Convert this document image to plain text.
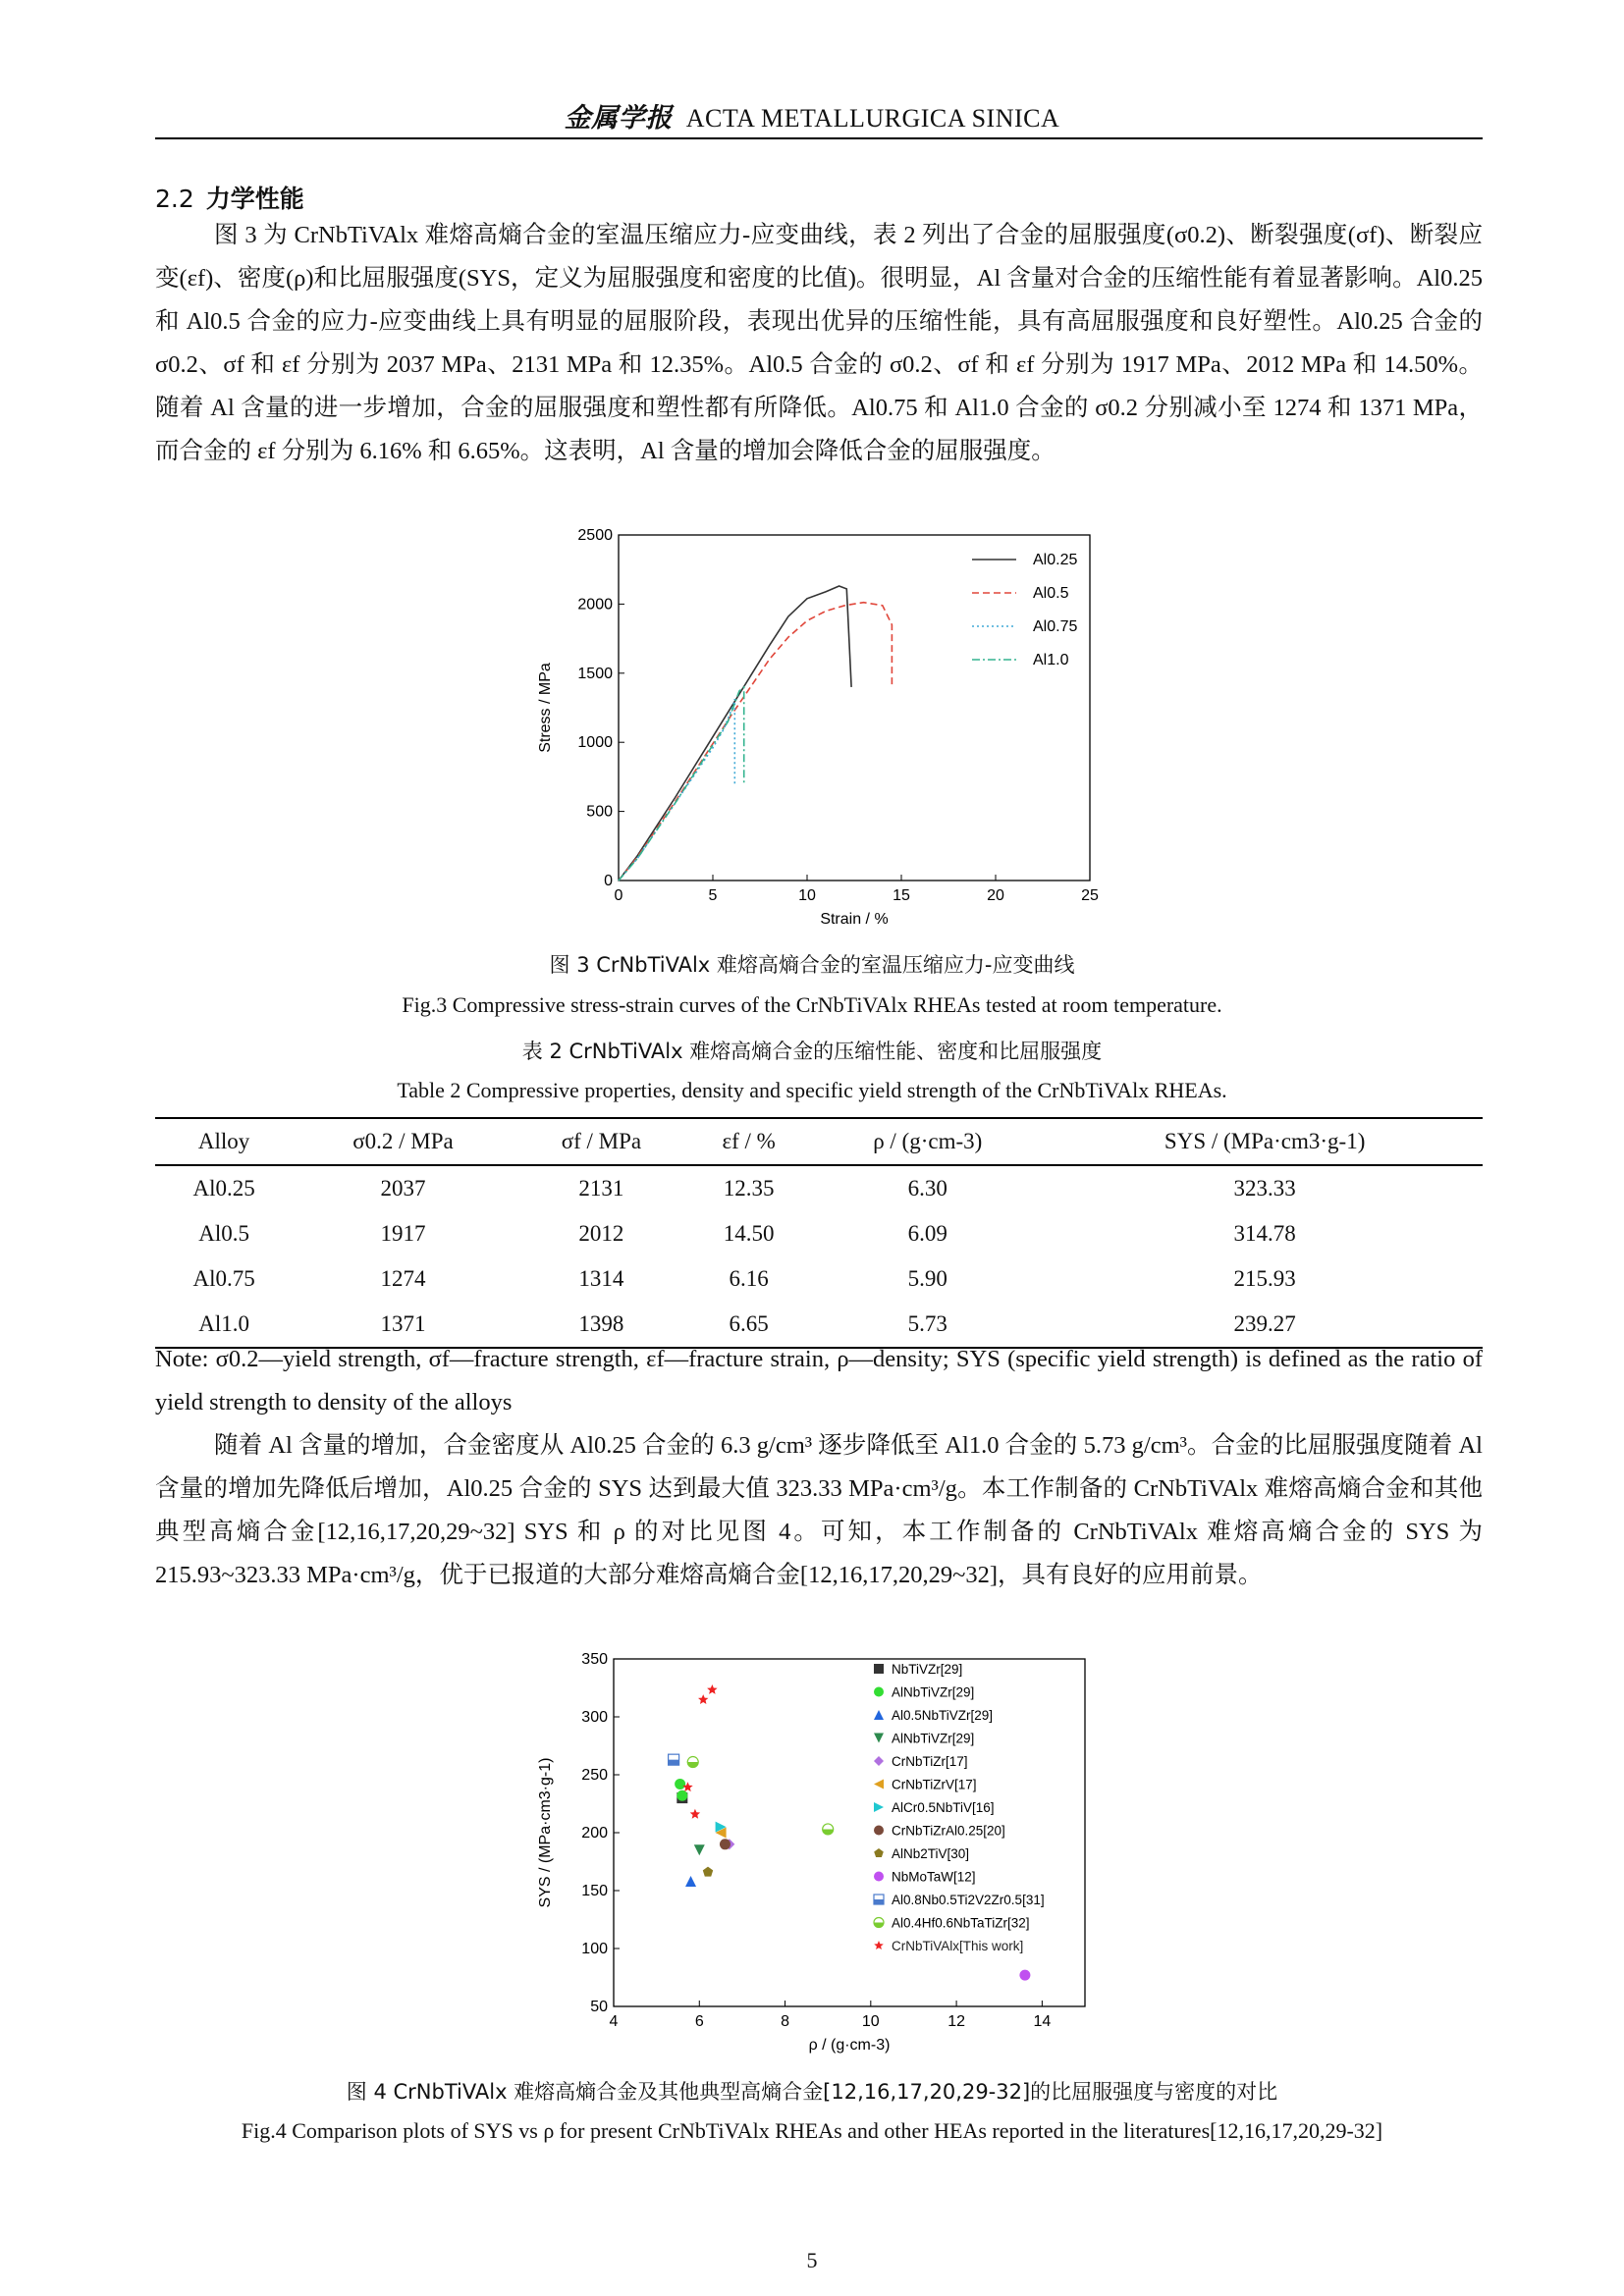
金属学报 ACTA METALLURGICA SINICA
2.2 力学性能

图 3 为 CrNbTiVAlx 难熔高熵合金的室温压缩应力-应变曲线，表 2 列出了合金的屈服强度(σ0.2)、断裂强度(σf)、断裂应变(εf)、密度(ρ)和比屈服强度(SYS，定义为屈服强度和密度的比值)。很明显，Al 含量对合金的压缩性能有着显著影响。Al0.25 和 Al0.5 合金的应力-应变曲线上具有明显的屈服阶段，表现出优异的压缩性能，具有高屈服强度和良好塑性。Al0.25 合金的 σ0.2、σf 和 εf 分别为 2037 MPa、2131 MPa 和 12.35%。Al0.5 合金的 σ0.2、σf 和 εf 分别为 1917 MPa、2012 MPa 和 14.50%。随着 Al 含量的进一步增加，合金的屈服强度和塑性都有所降低。Al0.75 和 Al1.0 合金的 σ0.2 分别减小至 1274 和 1371 MPa，而合金的 εf 分别为 6.16% 和 6.65%。这表明，Al 含量的增加会降低合金的屈服强度。

0	5	10	15	20	25
0
500
1000
1500
2000
2500
Strain / %
Stress / MPa
Al0.25
Al0.5
Al0.75
Al1.0
图 3 CrNbTiVAlx 难熔高熵合金的室温压缩应力-应变曲线
Fig.3 Compressive stress-strain curves of the CrNbTiVAlx RHEAs tested at room temperature.
表 2 CrNbTiVAlx 难熔高熵合金的压缩性能、密度和比屈服强度
Table 2 Compressive properties, density and specific yield strength of the CrNbTiVAlx RHEAs.
Alloy	σ0.2 / MPa	σf / MPa	εf / %	ρ / (g·cm-3)	SYS / (MPa·cm3·g-1)
Al0.25	2037	2131	12.35	6.30	323.33
Al0.5	1917	2012	14.50	6.09	314.78
Al0.75	1274	1314	6.16	5.90	215.93
Al1.0	1371	1398	6.65	5.73	239.27
Note: σ0.2—yield strength, σf—fracture strength, εf—fracture strain, ρ—density; SYS (specific yield strength) is defined as the ratio of yield strength to density of the alloys

随着 Al 含量的增加，合金密度从 Al0.25 合金的 6.3 g/cm³ 逐步降低至 Al1.0 合金的 5.73 g/cm³。合金的比屈服强度随着 Al 含量的增加先降低后增加，Al0.25 合金的 SYS 达到最大值 323.33 MPa·cm³/g。本工作制备的 CrNbTiVAlx 难熔高熵合金和其他典型高熵合金[12,16,17,20,29~32] SYS 和 ρ 的对比见图 4。可知，本工作制备的 CrNbTiVAlx 难熔高熵合金的 SYS 为 215.93~323.33 MPa·cm³/g，优于已报道的大部分难熔高熵合金[12,16,17,20,29~32]，具有良好的应用前景。

4	6	8	10	12	14
50
100
150
200
250
300
350
ρ / (g·cm-3)
SYS / (MPa·cm3·g-1)
NbTiVZr[29]
AlNbTiVZr[29]
Al0.5NbTiVZr[29]
AlNbTiVZr[29]
CrNbTiZr[17]
CrNbTiZrV[17]
AlCr0.5NbTiV[16]
CrNbTiZrAl0.25[20]
AlNb2TiV[30]
NbMoTaW[12]
Al0.8Nb0.5Ti2V2Zr0.5[31]
Al0.4Hf0.6NbTaTiZr[32]
CrNbTiVAlx[This work]
图 4 CrNbTiVAlx 难熔高熵合金及其他典型高熵合金[12,16,17,20,29-32]的比屈服强度与密度的对比
Fig.4 Comparison plots of SYS vs ρ for present CrNbTiVAlx RHEAs and other HEAs reported in the literatures[12,16,17,20,29-32]
5
